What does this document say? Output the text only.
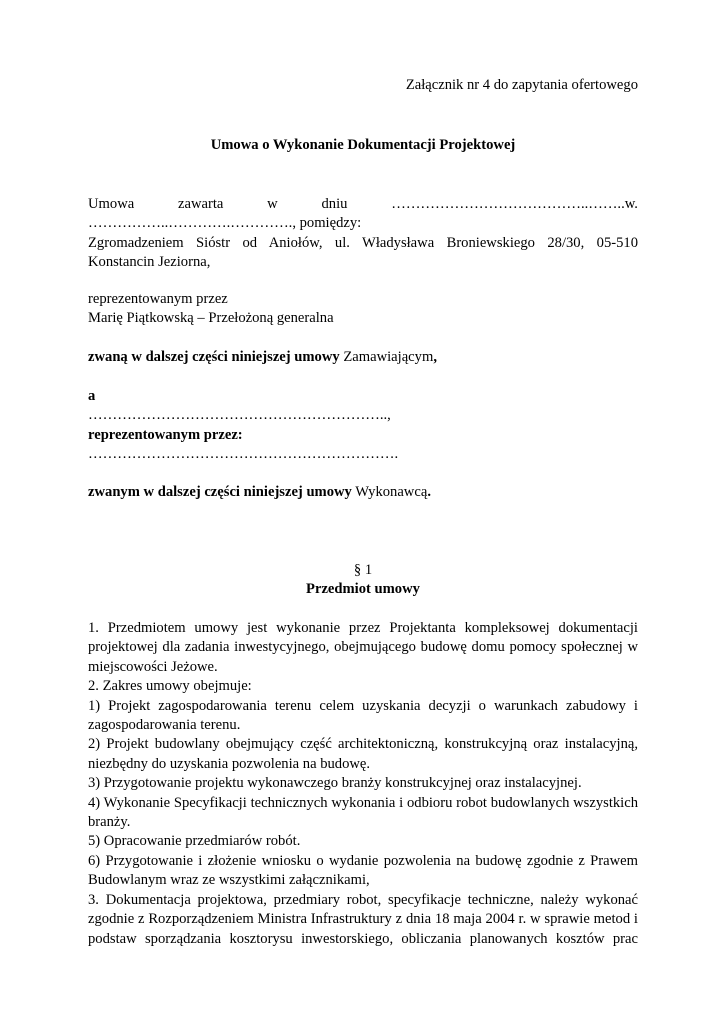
Załącznik nr 4 do zapytania ofertowego
Umowa o Wykonanie Dokumentacji Projektowej
Umowa	zawarta	w	dniu	…………………………………..……..w.
……………..………….…………., pomiędzy:
Zgromadzeniem Sióstr od Aniołów, ul. Władysława Broniewskiego 28/30, 05-510
Konstancin Jeziorna,
reprezentowanym przez
Marię Piątkowską – Przełożoną generalna
zwaną w dalszej części niniejszej umowy Zamawiającym,
a
……………………………………………………..,
reprezentowanym przez:
……………………………………………………….
zwanym w dalszej części niniejszej umowy Wykonawcą.
§ 1
Przedmiot umowy
1. Przedmiotem umowy jest wykonanie przez Projektanta kompleksowej dokumentacji
projektowej dla zadania inwestycyjnego, obejmującego budowę domu pomocy społecznej w
miejscowości Jeżowe.
2. Zakres umowy obejmuje:
1) Projekt zagospodarowania terenu celem uzyskania decyzji o warunkach zabudowy i
zagospodarowania terenu.
2) Projekt budowlany obejmujący część architektoniczną, konstrukcyjną oraz instalacyjną,
niezbędny do uzyskania pozwolenia na budowę.
3) Przygotowanie projektu wykonawczego branży konstrukcyjnej oraz instalacyjnej.
4) Wykonanie Specyfikacji technicznych wykonania i odbioru robot budowlanych wszystkich
branży.
5) Opracowanie przedmiarów robót.
6) Przygotowanie i złożenie wniosku o wydanie pozwolenia na budowę zgodnie z Prawem
Budowlanym wraz ze wszystkimi załącznikami,
3. Dokumentacja projektowa, przedmiary robot, specyfikacje techniczne, należy wykonać
zgodnie z Rozporządzeniem Ministra Infrastruktury z dnia 18 maja 2004 r. w sprawie metod i
podstaw sporządzania kosztorysu inwestorskiego, obliczania planowanych kosztów prac
